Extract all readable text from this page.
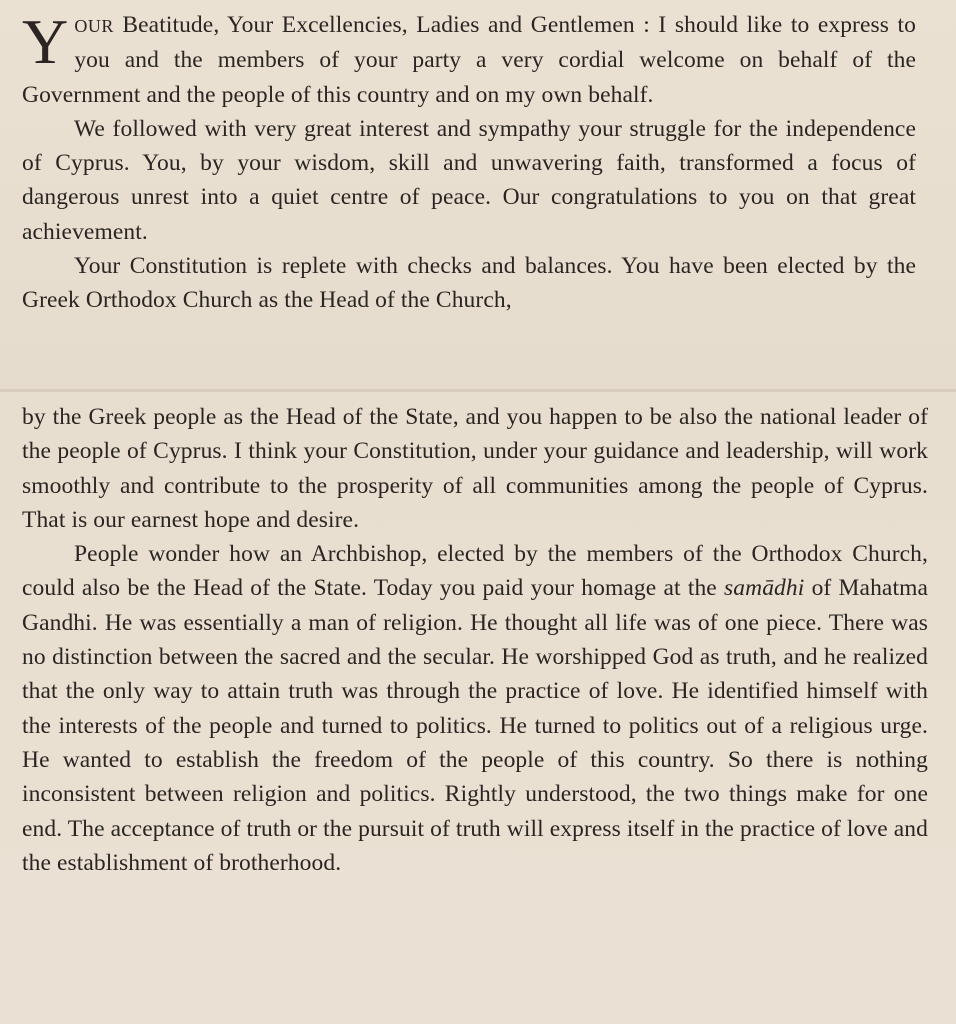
YOUR Beatitude, Your Excellencies, Ladies and Gentlemen : I should like to express to you and the members of your party a very cordial welcome on behalf of the Government and the people of this country and on my own behalf.

We followed with very great interest and sympathy your struggle for the independence of Cyprus. You, by your wisdom, skill and unwavering faith, transformed a focus of dangerous unrest into a quiet centre of peace. Our congratulations to you on that great achievement.

Your Constitution is replete with checks and balances. You have been elected by the Greek Orthodox Church as the Head of the Church,

by the Greek people as the Head of the State, and you happen to be also the national leader of the people of Cyprus. I think your Constitution, under your guidance and leadership, will work smoothly and contribute to the prosperity of all communities among the people of Cyprus. That is our earnest hope and desire.

People wonder how an Archbishop, elected by the members of the Orthodox Church, could also be the Head of the State. Today you paid your homage at the samādhi of Mahatma Gandhi. He was essentially a man of religion. He thought all life was of one piece. There was no distinction between the sacred and the secular. He worshipped God as truth, and he realized that the only way to attain truth was through the practice of love. He identified himself with the interests of the people and turned to politics. He turned to politics out of a religious urge. He wanted to establish the freedom of the people of this country. So there is nothing inconsistent between religion and politics. Rightly understood, the two things make for one end. The acceptance of truth or the pursuit of truth will express itself in the practice of love and the establishment of brotherhood.
